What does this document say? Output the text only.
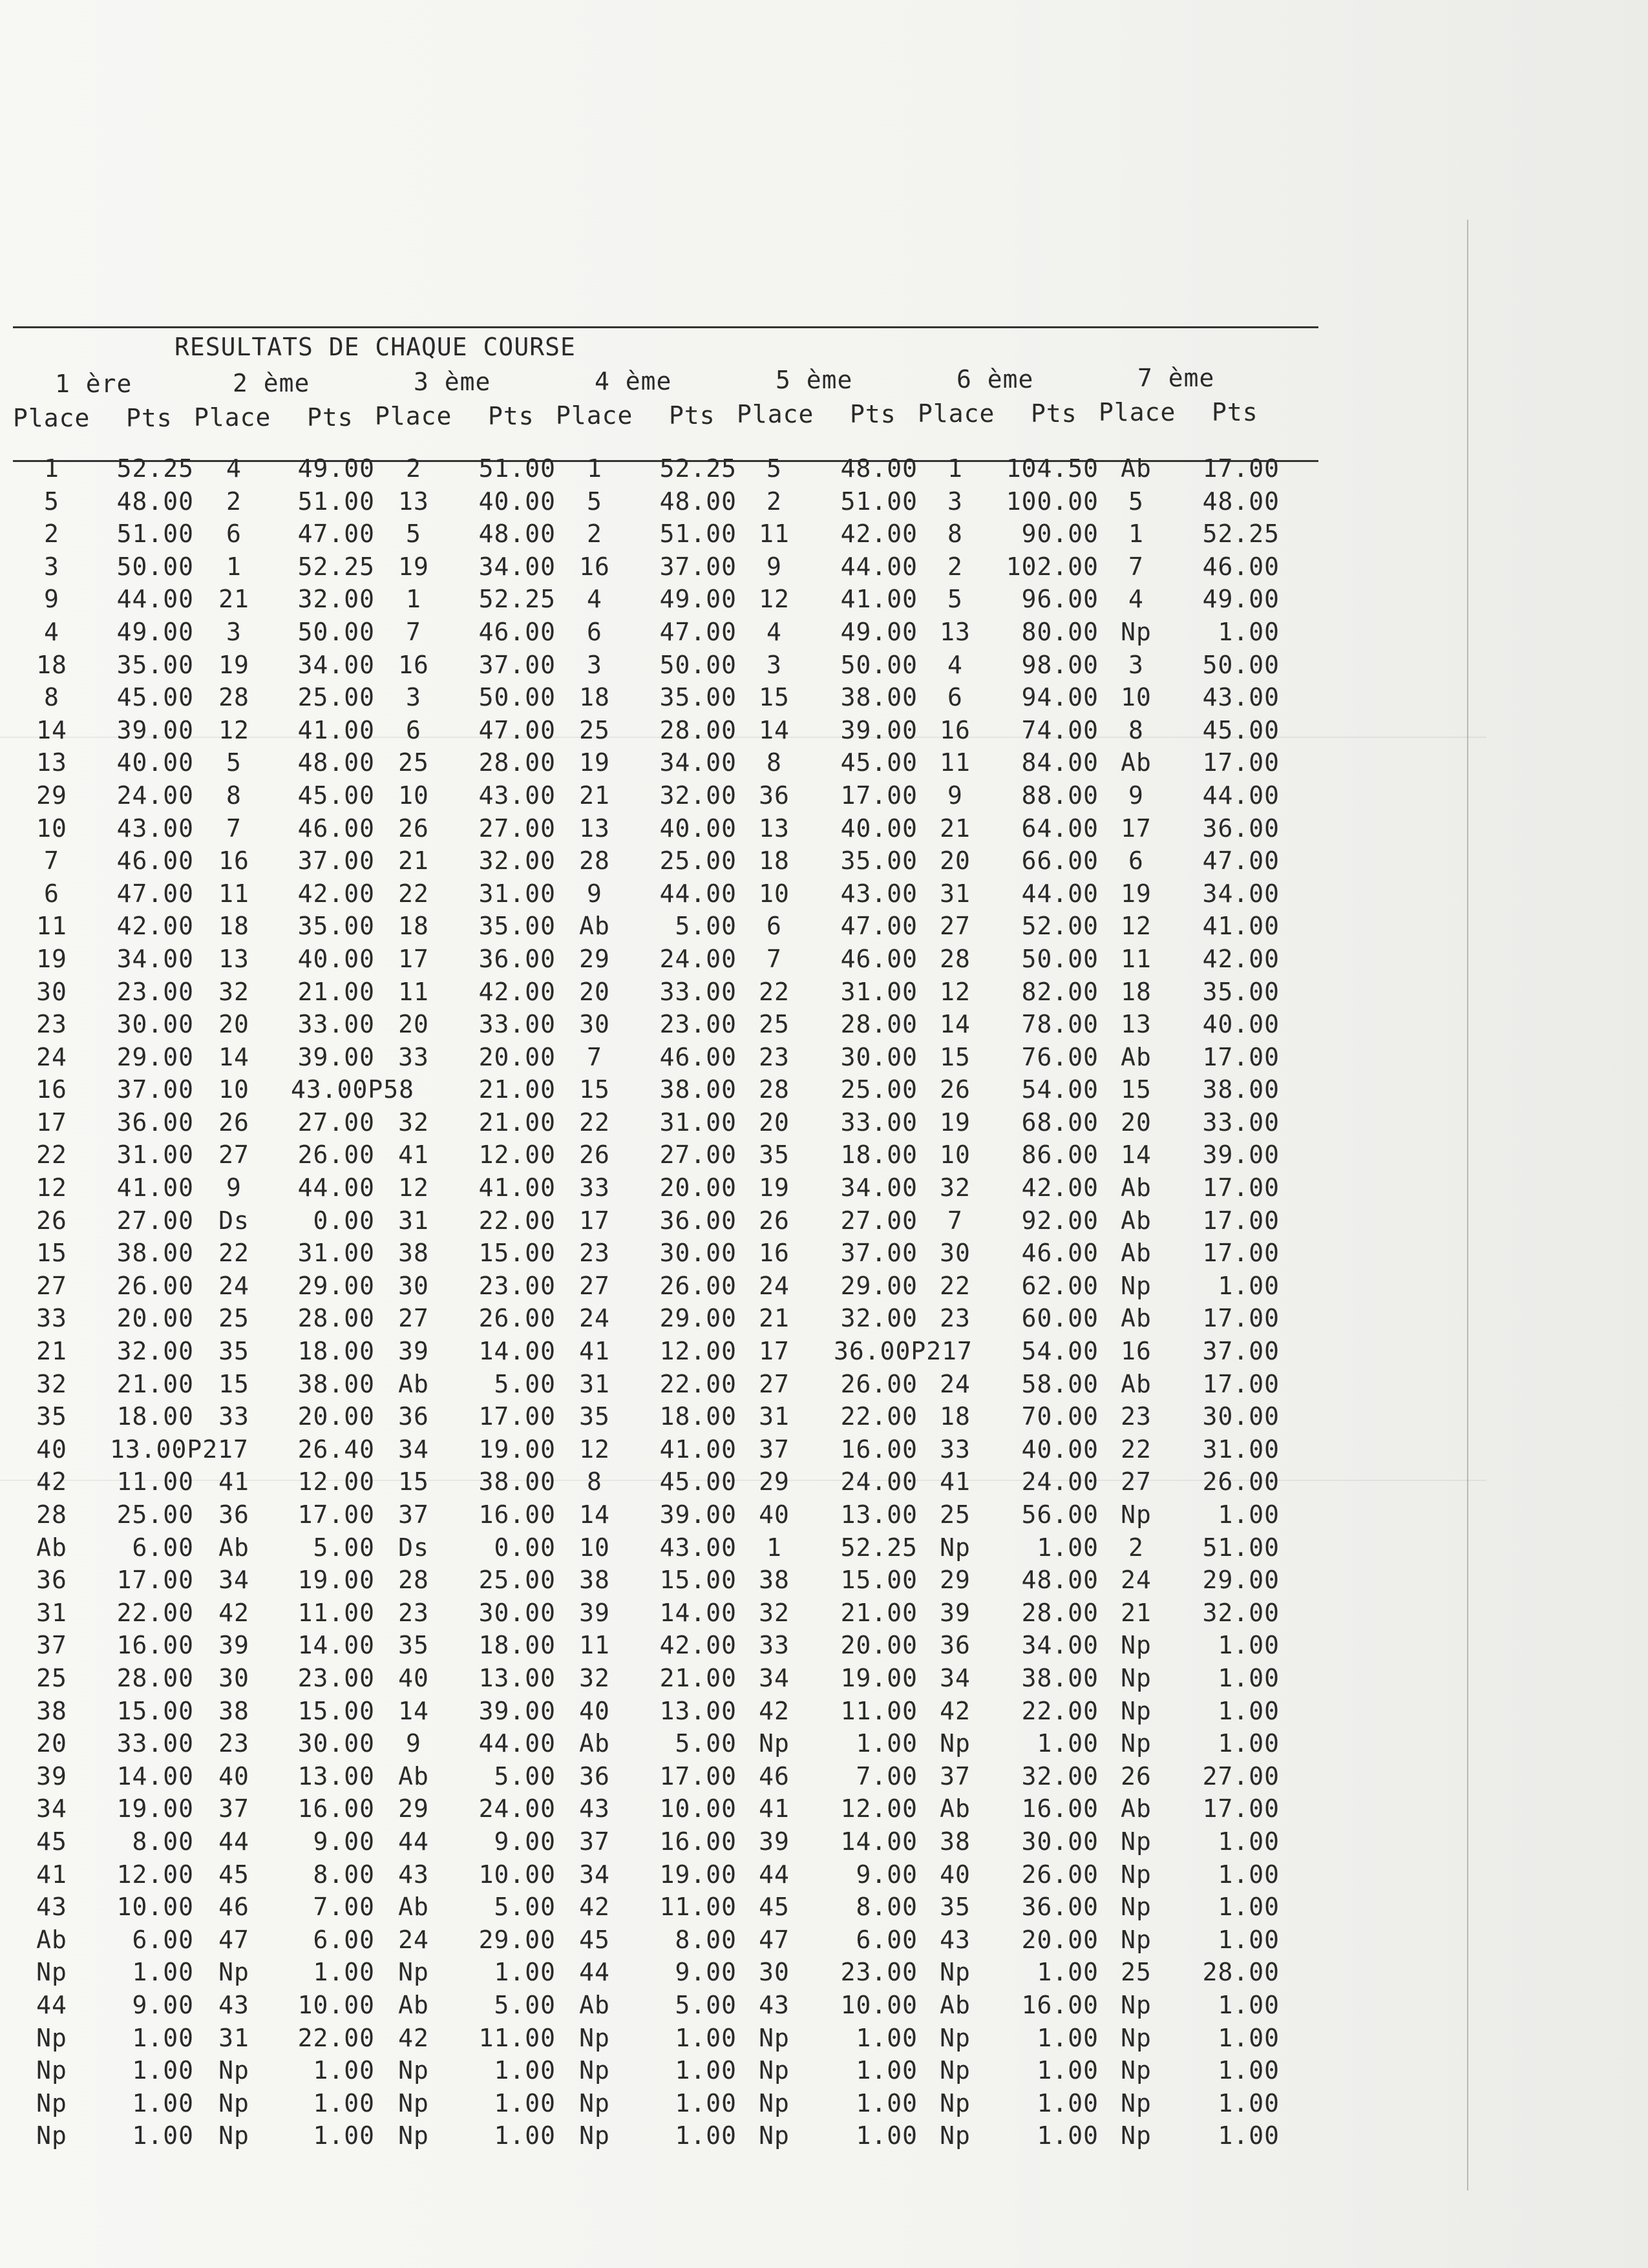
RESULTATS DE CHAQUE COURSE
1 ère	2 ème	3 ème	4 ème	5 ème	6 ème	7 ème
Place Pts Place Pts Place Pts Place Pts Place Pts Place Pts Place Pts
1	52.25	4	49.00	2	51.00	1	52.25	5	48.00	1	104.50 Ab	17.00
5	48.00	2	51.00 13	40.00	5	48.00	2	51.00	3	100.00	5	48.00
2	51.00	6	47.00	5	48.00	2	51.00 11	42.00	8	90.00	1	52.25
3	50.00	1	52.25 19	34.00 16	37.00	9	44.00	2	102.00	7	46.00
9	44.00	21	32.00	1	52.25	4	49.00 12	41.00	5	96.00	4	49.00
4	49.00	3	50.00	7	46.00	6	47.00	4	49.00 13	80.00 Np	1.00
18	35.00	19	34.00 16	37.00	3	50.00	3	50.00	4	98.00	3	50.00
8	45.00	28	25.00	3	50.00 18	35.00 15	38.00	6	94.00 10	43.00
14	39.00	12	41.00	6	47.00 25	28.00 14	39.00 16	74.00	8	45.00
13	40.00	5	48.00 25	28.00 19	34.00	8	45.00 11	84.00 Ab	17.00
29	24.00	8	45.00 10	43.00 21	32.00 36	17.00	9	88.00	9	44.00
10	43.00	7	46.00 26	27.00 13	40.00 13	40.00 21	64.00 17	36.00
7	46.00	16	37.00 21	32.00 28	25.00 18	35.00 20	66.00	6	47.00
6	47.00	11	42.00 22	31.00	9	44.00 10	43.00 31	44.00 19	34.00
11	42.00	18	35.00 18	35.00 Ab	5.00	6	47.00 27	52.00 12	41.00
19	34.00	13	40.00 17	36.00 29	24.00	7	46.00 28	50.00 11	42.00
30	23.00	32	21.00 11	42.00 20	33.00 22	31.00 12	82.00 18	35.00
23	30.00	20	33.00 20	33.00 30	23.00 25	28.00 14	78.00 13	40.00
24	29.00	14	39.00 33	20.00	7	46.00 23	30.00 15	76.00 Ab	17.00
16	37.00	10	43.00P58	21.00 15	38.00 28	25.00 26	54.00 15	38.00
17	36.00	26	27.00 32	21.00 22	31.00 20	33.00 19	68.00 20	33.00
22	31.00	27	26.00 41	12.00 26	27.00 35	18.00 10	86.00 14	39.00
12	41.00	9	44.00 12	41.00 33	20.00 19	34.00 32	42.00 Ab	17.00
26	27.00	Ds	0.00 31	22.00 17	36.00 26	27.00	7	92.00 Ab	17.00
15	38.00	22	31.00 38	15.00 23	30.00 16	37.00 30	46.00 Ab	17.00
27	26.00	24	29.00 30	23.00 27	26.00 24	29.00 22	62.00 Np	1.00
33	20.00	25	28.00 27	26.00 24	29.00 21	32.00 23	60.00 Ab	17.00
21	32.00	35	18.00 39	14.00 41	12.00 17	36.00P217	54.00 16	37.00
32	21.00	15	38.00 Ab	5.00 31	22.00 27	26.00 24	58.00 Ab	17.00
35	18.00	33	20.00 36	17.00 35	18.00 31	22.00 18	70.00 23	30.00
40	13.00P217	26.40 34	19.00 12	41.00 37	16.00 33	40.00 22	31.00
42	11.00	41	12.00 15	38.00	8	45.00 29	24.00 41	24.00 27	26.00
28	25.00	36	17.00 37	16.00 14	39.00 40	13.00 25	56.00 Np	1.00
Ab	6.00	Ab	5.00 Ds	0.00 10	43.00	1	52.25 Np	1.00	2	51.00
36	17.00	34	19.00 28	25.00 38	15.00 38	15.00 29	48.00 24	29.00
31	22.00	42	11.00 23	30.00 39	14.00 32	21.00 39	28.00 21	32.00
37	16.00	39	14.00 35	18.00 11	42.00 33	20.00 36	34.00 Np	1.00
25	28.00	30	23.00 40	13.00 32	21.00 34	19.00 34	38.00 Np	1.00
38	15.00	38	15.00 14	39.00 40	13.00 42	11.00 42	22.00 Np	1.00
20	33.00	23	30.00	9	44.00 Ab	5.00 Np	1.00 Np	1.00 Np	1.00
39	14.00	40	13.00 Ab	5.00 36	17.00 46	7.00 37	32.00 26	27.00
34	19.00	37	16.00 29	24.00 43	10.00 41	12.00 Ab	16.00 Ab	17.00
45	8.00	44	9.00 44	9.00 37	16.00 39	14.00 38	30.00 Np	1.00
41	12.00	45	8.00 43	10.00 34	19.00 44	9.00 40	26.00 Np	1.00
43	10.00	46	7.00 Ab	5.00 42	11.00 45	8.00 35	36.00 Np	1.00
Ab	6.00	47	6.00 24	29.00 45	8.00 47	6.00 43	20.00 Np	1.00
Np	1.00	Np	1.00 Np	1.00 44	9.00 30	23.00 Np	1.00 25	28.00
44	9.00	43	10.00 Ab	5.00 Ab	5.00 43	10.00 Ab	16.00 Np	1.00
Np	1.00	31	22.00 42	11.00 Np	1.00 Np	1.00 Np	1.00 Np	1.00
Np	1.00	Np	1.00 Np	1.00 Np	1.00 Np	1.00 Np	1.00 Np	1.00
Np	1.00	Np	1.00 Np	1.00 Np	1.00 Np	1.00 Np	1.00 Np	1.00
Np	1.00	Np	1.00 Np	1.00 Np	1.00 Np	1.00 Np	1.00 Np	1.00
